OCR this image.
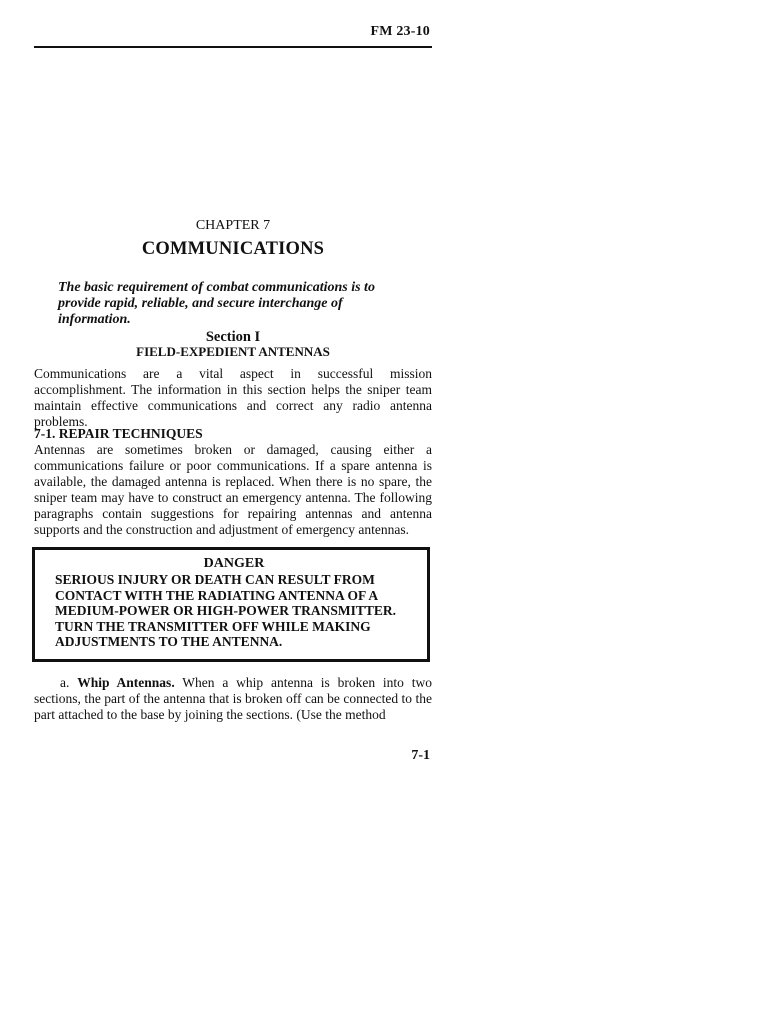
FM 23-10
CHAPTER 7
COMMUNICATIONS
The basic requirement of combat communications is to provide rapid, reliable, and secure interchange of information.
Section I
FIELD-EXPEDIENT ANTENNAS
Communications are a vital aspect in successful mission accomplishment. The information in this section helps the sniper team maintain effective communications and correct any radio antenna problems.
7-1. REPAIR TECHNIQUES
Antennas are sometimes broken or damaged, causing either a communications failure or poor communications. If a spare antenna is available, the damaged antenna is replaced. When there is no spare, the sniper team may have to construct an emergency antenna. The following paragraphs contain suggestions for repairing antennas and antenna supports and the construction and adjustment of emergency antennas.
DANGER
SERIOUS INJURY OR DEATH CAN RESULT FROM CONTACT WITH THE RADIATING ANTENNA OF A MEDIUM-POWER OR HIGH-POWER TRANSMITTER. TURN THE TRANSMITTER OFF WHILE MAKING ADJUSTMENTS TO THE ANTENNA.
a. Whip Antennas. When a whip antenna is broken into two sections, the part of the antenna that is broken off can be connected to the part attached to the base by joining the sections. (Use the method
7-1
